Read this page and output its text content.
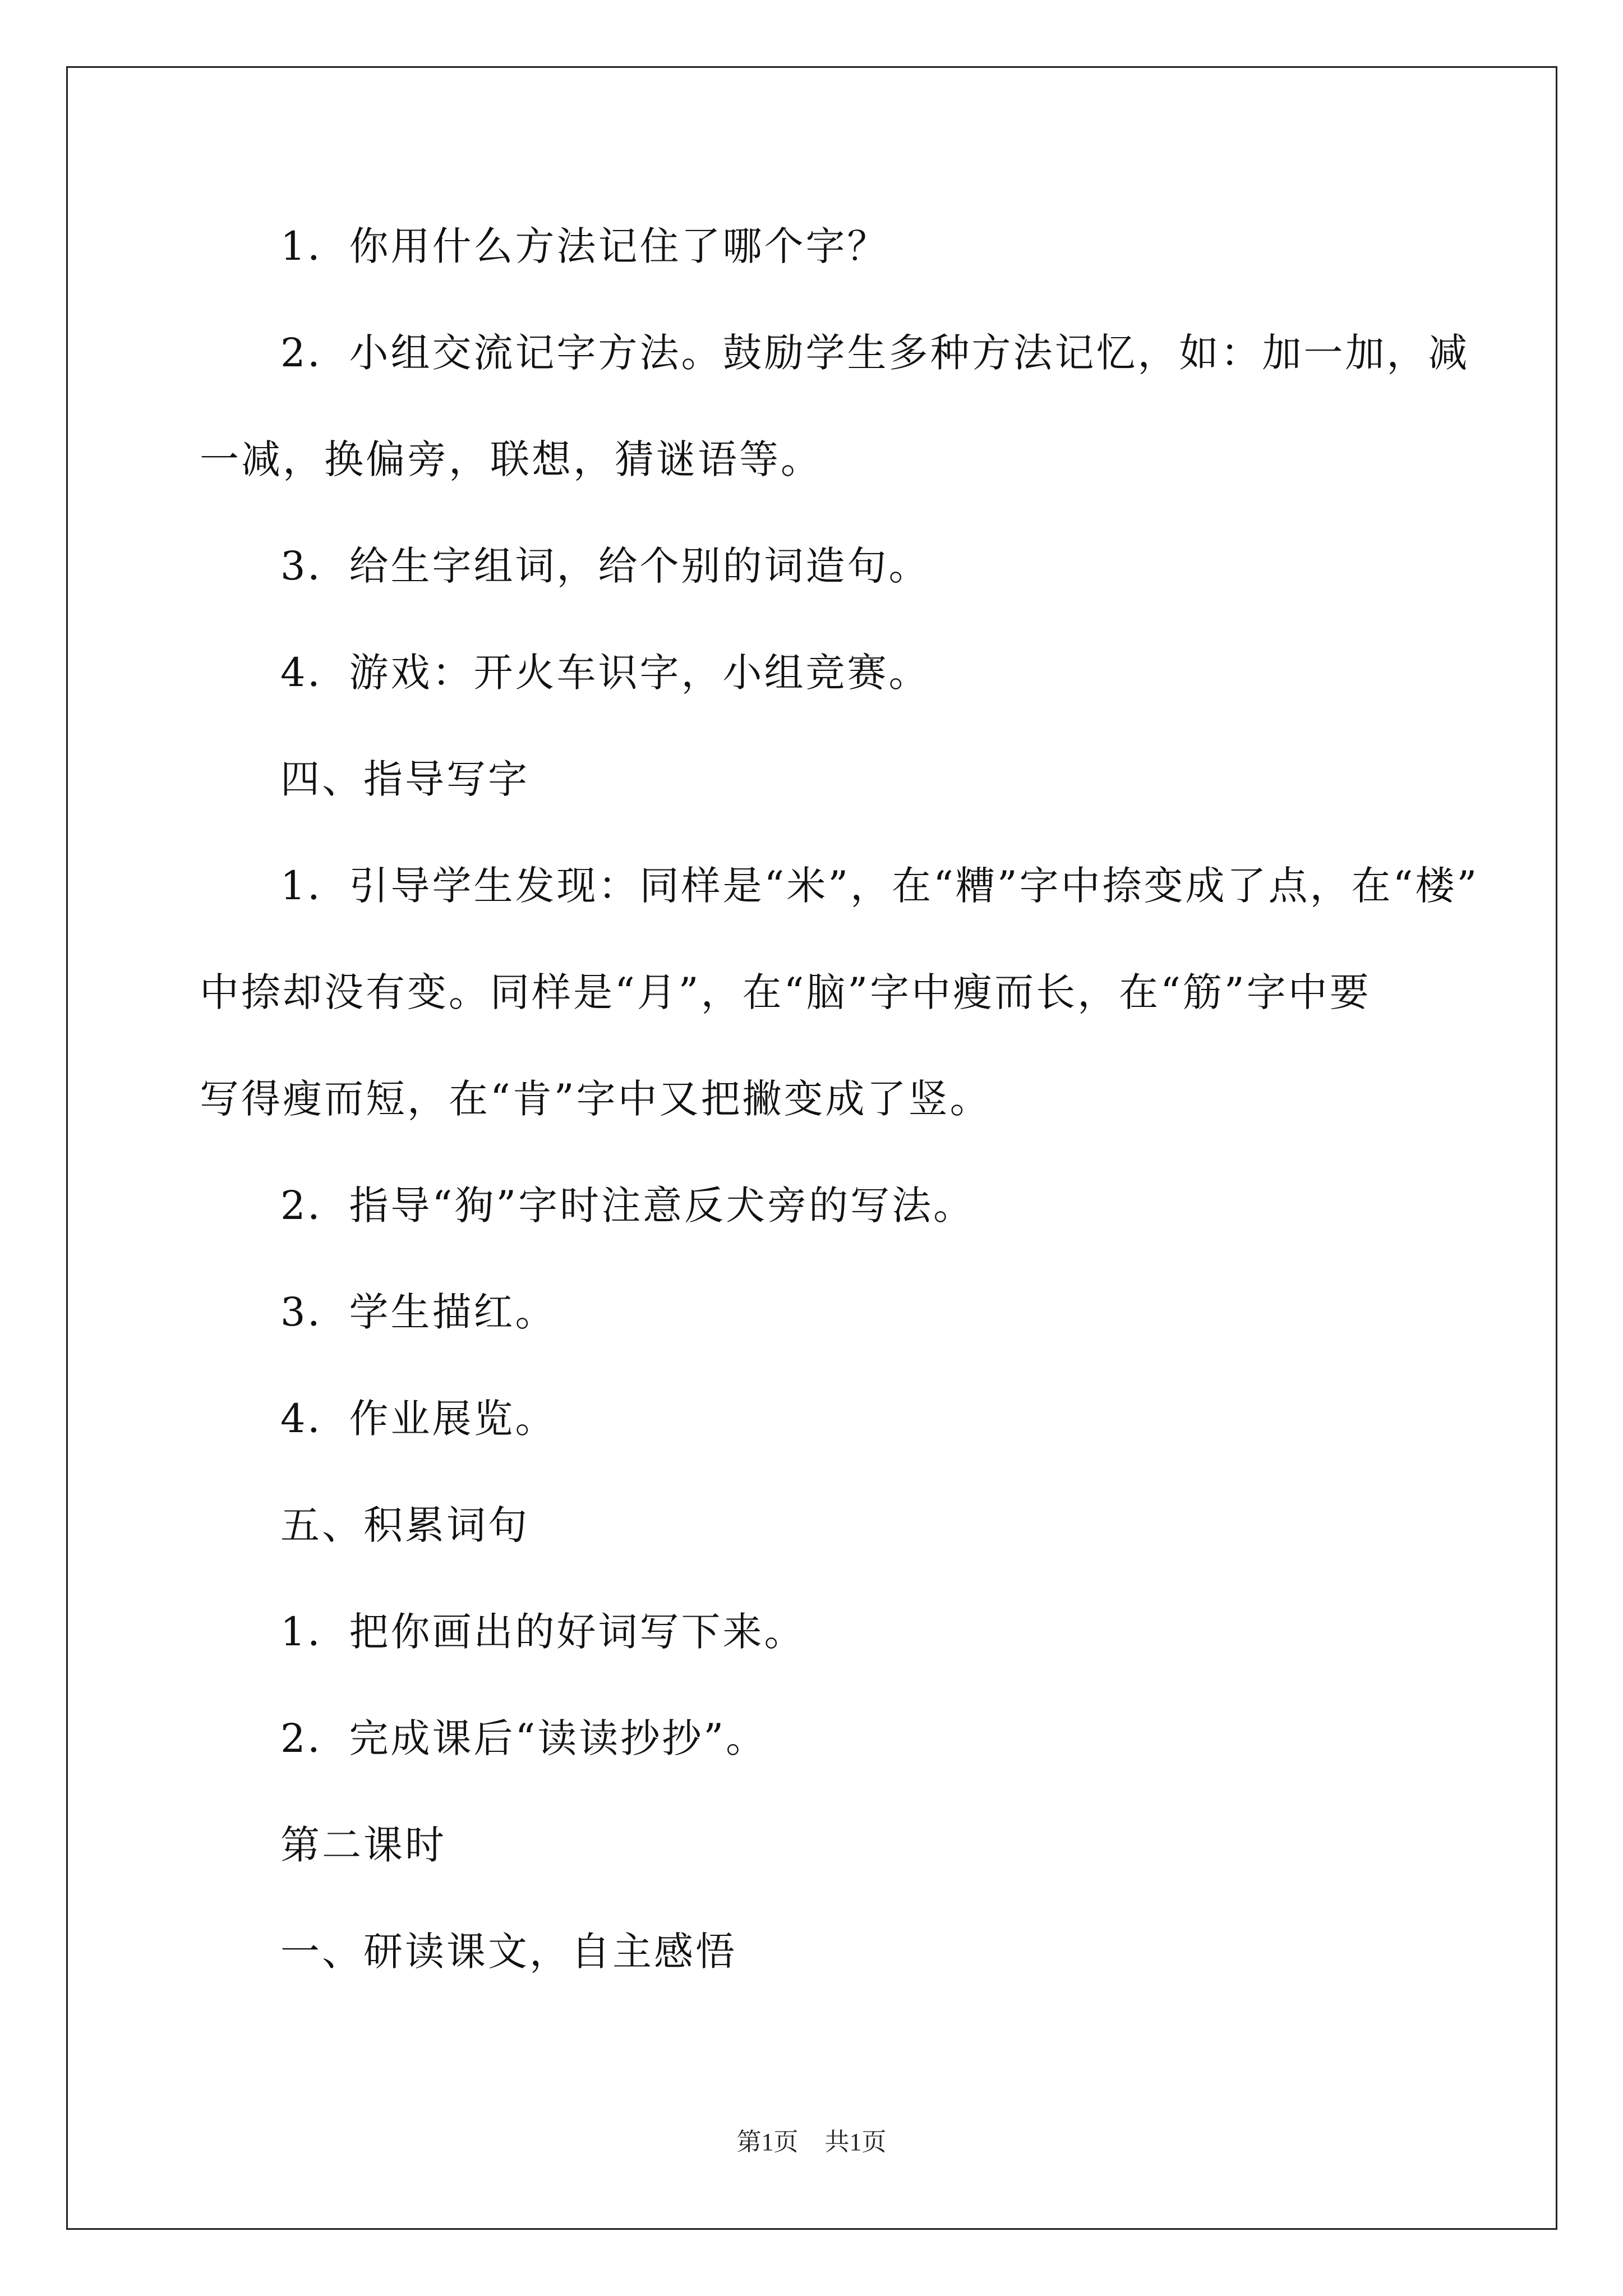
1．你用什么方法记住了哪个字？
2．小组交流记字方法。鼓励学生多种方法记忆，如：加一加，减
一减，换偏旁，联想，猜谜语等。
3．给生字组词，给个别的词造句。
4．游戏：开火车识字，小组竞赛。
四、指导写字
1．引导学生发现：同样是“米”，在“糟”字中捺变成了点，在“楼”
中捺却没有变。同样是“月”，在“脑”字中瘦而长，在“筋”字中要
写得瘦而短，在“肯”字中又把撇变成了竖。
2．指导“狗”字时注意反犬旁的写法。
3．学生描红。
4．作业展览。
五、积累词句
1．把你画出的好词写下来。
2．完成课后“读读抄抄”。
第二课时
一、研读课文，自主感悟
第1页 共1页
